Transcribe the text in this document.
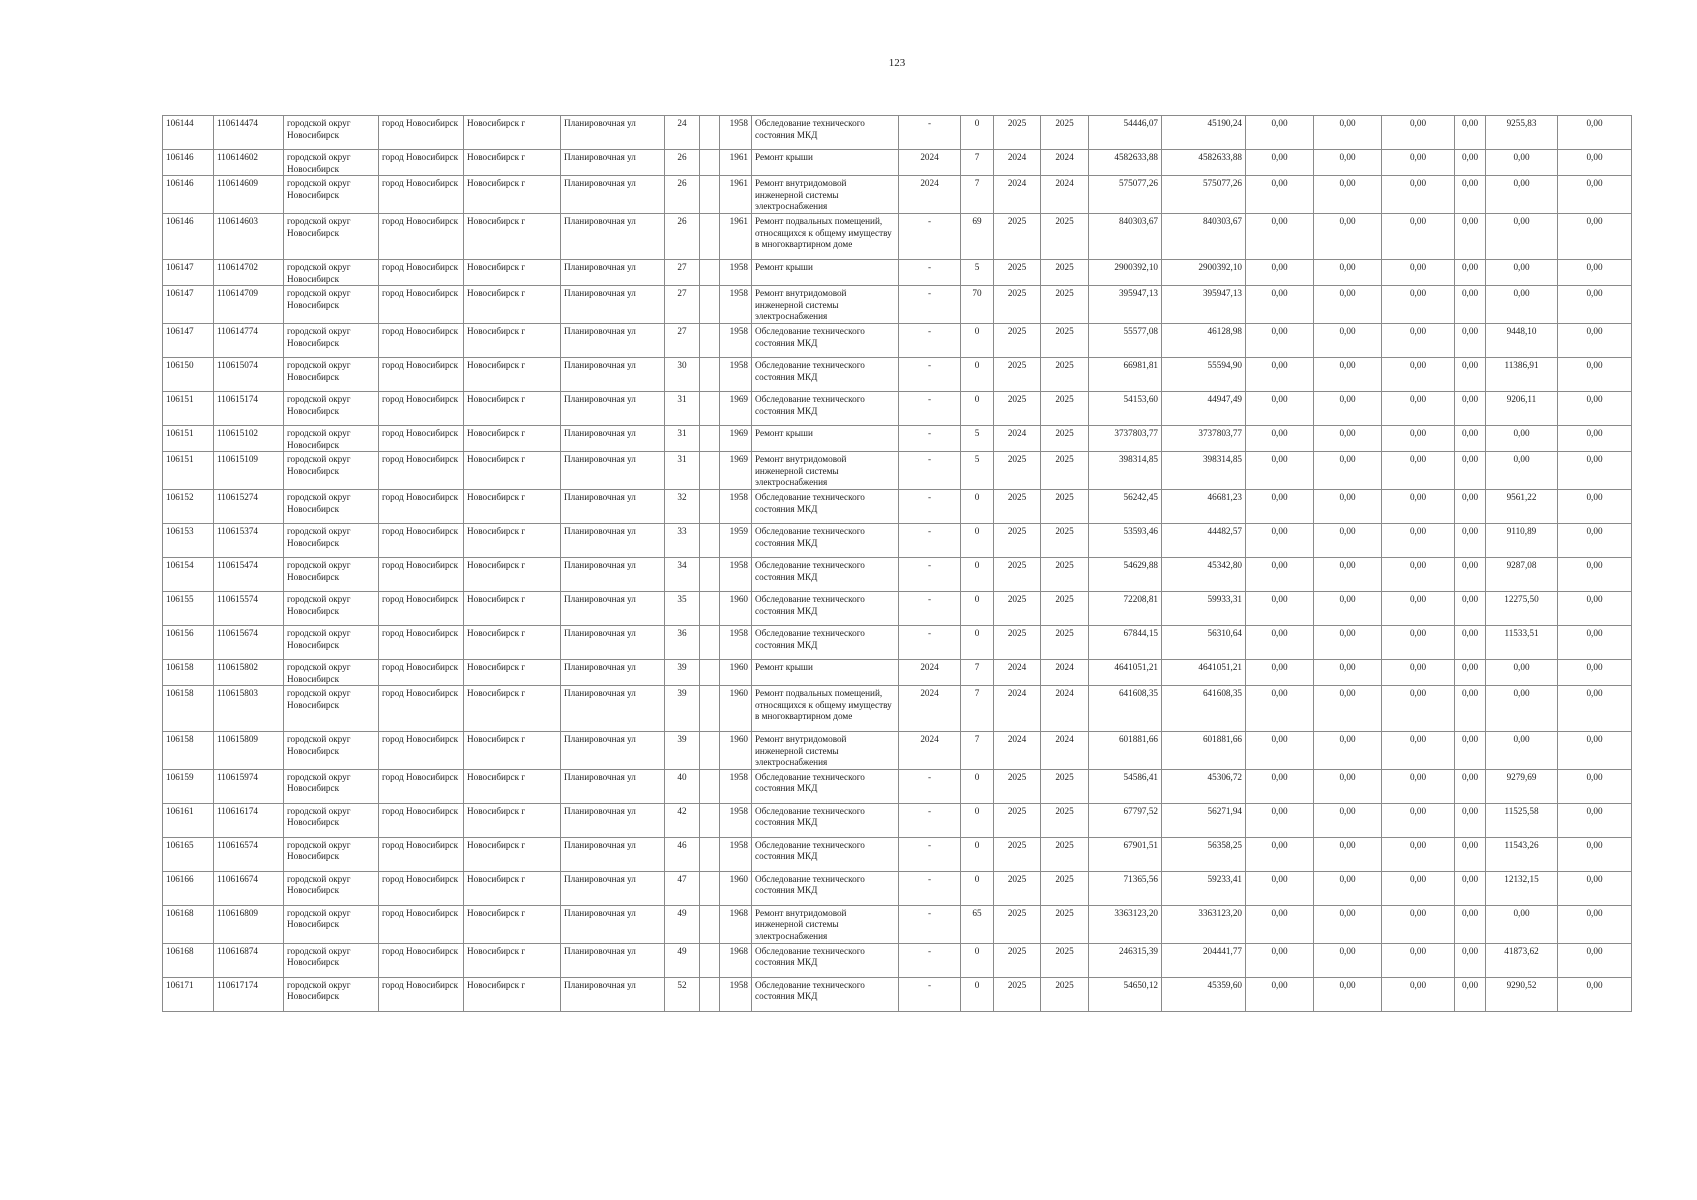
123
106144	110614474	городской округ Новосибирск	город Новосибирск	Новосибирск г	Планировочная ул	24		1958	Обследование технического состояния МКД	-	0	2025	2025	54446,07	45190,24	0,00	0,00	0,00	0,00	9255,83	0,00
106146	110614602	городской округ Новосибирск	город Новосибирск	Новосибирск г	Планировочная ул	26		1961	Ремонт крыши	2024	7	2024	2024	4582633,88	4582633,88	0,00	0,00	0,00	0,00	0,00	0,00
106146	110614609	городской округ Новосибирск	город Новосибирск	Новосибирск г	Планировочная ул	26		1961	Ремонт внутридомовой инженерной системы электроснабжения	2024	7	2024	2024	575077,26	575077,26	0,00	0,00	0,00	0,00	0,00	0,00
106146	110614603	городской округ Новосибирск	город Новосибирск	Новосибирск г	Планировочная ул	26		1961	Ремонт подвальных помещений, относящихся к общему имуществу в многоквартирном доме	-	69	2025	2025	840303,67	840303,67	0,00	0,00	0,00	0,00	0,00	0,00
106147	110614702	городской округ Новосибирск	город Новосибирск	Новосибирск г	Планировочная ул	27		1958	Ремонт крыши	-	5	2025	2025	2900392,10	2900392,10	0,00	0,00	0,00	0,00	0,00	0,00
106147	110614709	городской округ Новосибирск	город Новосибирск	Новосибирск г	Планировочная ул	27		1958	Ремонт внутридомовой инженерной системы электроснабжения	-	70	2025	2025	395947,13	395947,13	0,00	0,00	0,00	0,00	0,00	0,00
106147	110614774	городской округ Новосибирск	город Новосибирск	Новосибирск г	Планировочная ул	27		1958	Обследование технического состояния МКД	-	0	2025	2025	55577,08	46128,98	0,00	0,00	0,00	0,00	9448,10	0,00
106150	110615074	городской округ Новосибирск	город Новосибирск	Новосибирск г	Планировочная ул	30		1958	Обследование технического состояния МКД	-	0	2025	2025	66981,81	55594,90	0,00	0,00	0,00	0,00	11386,91	0,00
106151	110615174	городской округ Новосибирск	город Новосибирск	Новосибирск г	Планировочная ул	31		1969	Обследование технического состояния МКД	-	0	2025	2025	54153,60	44947,49	0,00	0,00	0,00	0,00	9206,11	0,00
106151	110615102	городской округ Новосибирск	город Новосибирск	Новосибирск г	Планировочная ул	31		1969	Ремонт крыши	-	5	2024	2025	3737803,77	3737803,77	0,00	0,00	0,00	0,00	0,00	0,00
106151	110615109	городской округ Новосибирск	город Новосибирск	Новосибирск г	Планировочная ул	31		1969	Ремонт внутридомовой инженерной системы электроснабжения	-	5	2025	2025	398314,85	398314,85	0,00	0,00	0,00	0,00	0,00	0,00
106152	110615274	городской округ Новосибирск	город Новосибирск	Новосибирск г	Планировочная ул	32		1958	Обследование технического состояния МКД	-	0	2025	2025	56242,45	46681,23	0,00	0,00	0,00	0,00	9561,22	0,00
106153	110615374	городской округ Новосибирск	город Новосибирск	Новосибирск г	Планировочная ул	33		1959	Обследование технического состояния МКД	-	0	2025	2025	53593,46	44482,57	0,00	0,00	0,00	0,00	9110,89	0,00
106154	110615474	городской округ Новосибирск	город Новосибирск	Новосибирск г	Планировочная ул	34		1958	Обследование технического состояния МКД	-	0	2025	2025	54629,88	45342,80	0,00	0,00	0,00	0,00	9287,08	0,00
106155	110615574	городской округ Новосибирск	город Новосибирск	Новосибирск г	Планировочная ул	35		1960	Обследование технического состояния МКД	-	0	2025	2025	72208,81	59933,31	0,00	0,00	0,00	0,00	12275,50	0,00
106156	110615674	городской округ Новосибирск	город Новосибирск	Новосибирск г	Планировочная ул	36		1958	Обследование технического состояния МКД	-	0	2025	2025	67844,15	56310,64	0,00	0,00	0,00	0,00	11533,51	0,00
106158	110615802	городской округ Новосибирск	город Новосибирск	Новосибирск г	Планировочная ул	39		1960	Ремонт крыши	2024	7	2024	2024	4641051,21	4641051,21	0,00	0,00	0,00	0,00	0,00	0,00
106158	110615803	городской округ Новосибирск	город Новосибирск	Новосибирск г	Планировочная ул	39		1960	Ремонт подвальных помещений, относящихся к общему имуществу в многоквартирном доме	2024	7	2024	2024	641608,35	641608,35	0,00	0,00	0,00	0,00	0,00	0,00
106158	110615809	городской округ Новосибирск	город Новосибирск	Новосибирск г	Планировочная ул	39		1960	Ремонт внутридомовой инженерной системы электроснабжения	2024	7	2024	2024	601881,66	601881,66	0,00	0,00	0,00	0,00	0,00	0,00
106159	110615974	городской округ Новосибирск	город Новосибирск	Новосибирск г	Планировочная ул	40		1958	Обследование технического состояния МКД	-	0	2025	2025	54586,41	45306,72	0,00	0,00	0,00	0,00	9279,69	0,00
106161	110616174	городской округ Новосибирск	город Новосибирск	Новосибирск г	Планировочная ул	42		1958	Обследование технического состояния МКД	-	0	2025	2025	67797,52	56271,94	0,00	0,00	0,00	0,00	11525,58	0,00
106165	110616574	городской округ Новосибирск	город Новосибирск	Новосибирск г	Планировочная ул	46		1958	Обследование технического состояния МКД	-	0	2025	2025	67901,51	56358,25	0,00	0,00	0,00	0,00	11543,26	0,00
106166	110616674	городской округ Новосибирск	город Новосибирск	Новосибирск г	Планировочная ул	47		1960	Обследование технического состояния МКД	-	0	2025	2025	71365,56	59233,41	0,00	0,00	0,00	0,00	12132,15	0,00
106168	110616809	городской округ Новосибирск	город Новосибирск	Новосибирск г	Планировочная ул	49		1968	Ремонт внутридомовой инженерной системы электроснабжения	-	65	2025	2025	3363123,20	3363123,20	0,00	0,00	0,00	0,00	0,00	0,00
106168	110616874	городской округ Новосибирск	город Новосибирск	Новосибирск г	Планировочная ул	49		1968	Обследование технического состояния МКД	-	0	2025	2025	246315,39	204441,77	0,00	0,00	0,00	0,00	41873,62	0,00
106171	110617174	городской округ Новосибирск	город Новосибирск	Новосибирск г	Планировочная ул	52		1958	Обследование технического состояния МКД	-	0	2025	2025	54650,12	45359,60	0,00	0,00	0,00	0,00	9290,52	0,00
